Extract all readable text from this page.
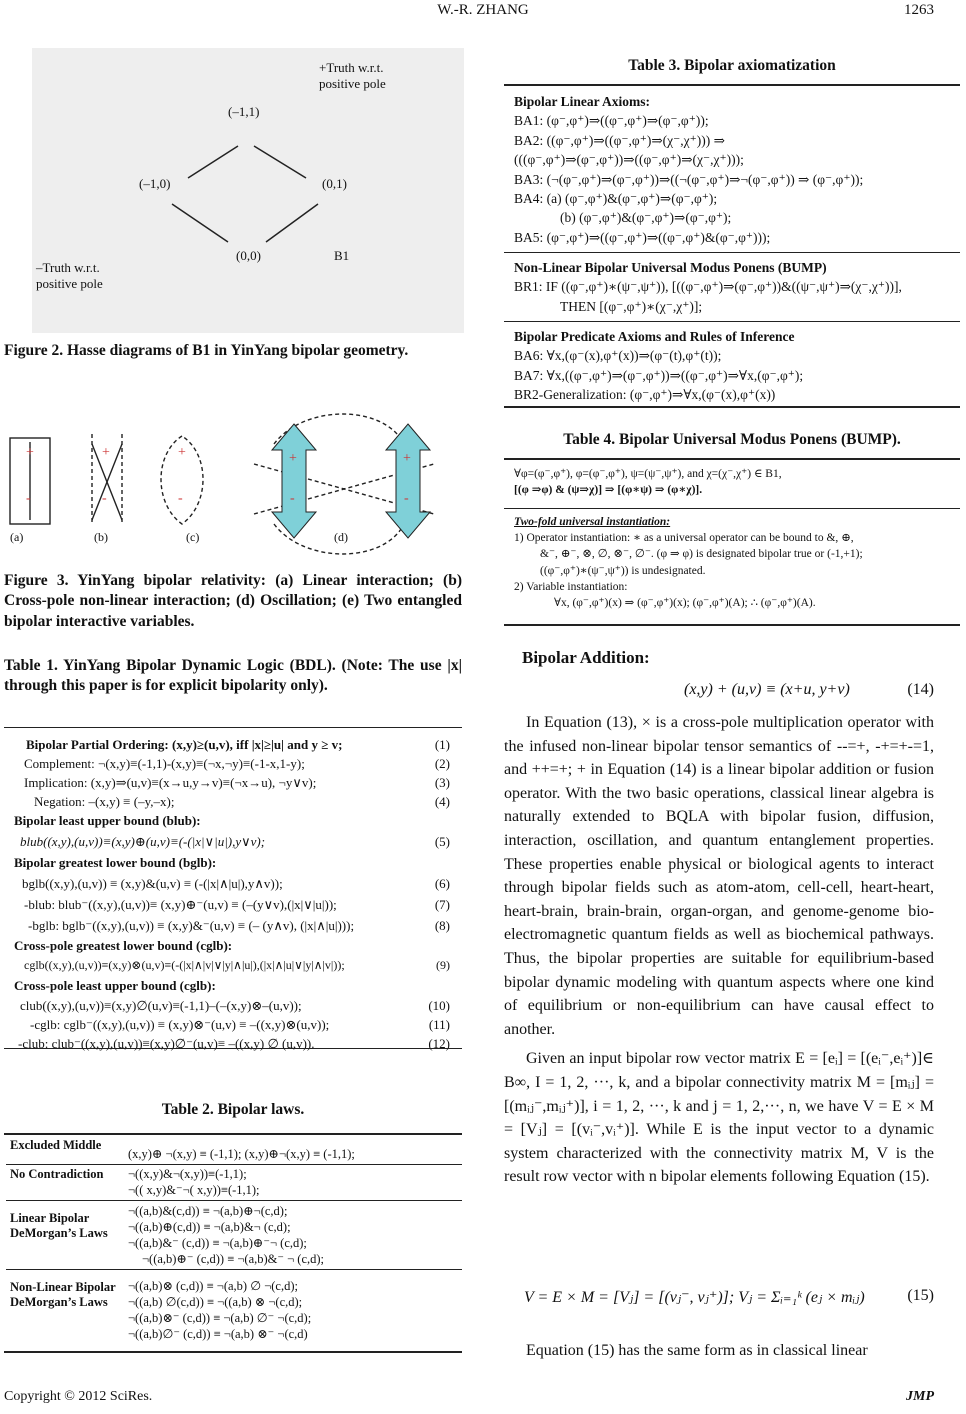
W.-R. ZHANG	1263
+Truth w.r.t.
positive pole
(–1,1)
(–1,0)	(0,1)
(0,0)	B1
–Truth w.r.t.
positive pole
Figure 2. Hasse diagrams of B1 in YinYang bipolar geometry.
+
-
+
-
+
-
+
-
+
-
(a)	(b)	(c)	(d)
Figure 3. YinYang bipolar relativity: (a) Linear interaction; (b) Cross-pole non-linear interaction; (d) Oscillation; (e) Two entangled bipolar interactive variables.
Table 1. YinYang Bipolar Dynamic Logic (BDL). (Note: The use |x| through this paper is for explicit bipolarity only).
Bipolar Partial Ordering: (x,y)≥(u,v), iff |x|≥|u| and y ≥ v;	(1)
Complement: ¬(x,y)≡(-1,1)-(x,y)≡(¬x,¬y)≡(-1-x,1-y);	(2)
Implication: (x,y)⇒(u,v)≡(x→u,y→v)≡(¬x→u), ¬y∨v);	(3)
Negation: –(x,y) ≡ (–y,–x);	(4)
Bipolar least upper bound (blub):
blub((x,y),(u,v))≡(x,y)⊕(u,v)≡(-(|x|∨|u|),y∨v);	(5)
Bipolar greatest lower bound (bglb):
bglb((x,y),(u,v)) ≡ (x,y)&(u,v) ≡ (-(|x|∧|u|),y∧v));	(6)
-blub: blub⁻((x,y),(u,v))≡ (x,y)⊕⁻(u,v) ≡ (–(y∨v),(|x|∨|u|));	(7)
-bglb: bglb⁻((x,y),(u,v)) ≡ (x,y)&⁻(u,v) ≡ (– (y∧v), (|x|∧|u|)));	(8)
Cross-pole greatest lower bound (cglb):
cglb((x,y),(u,v))≡(x,y)⊗(u,v)≡(-(|x|∧|v|∨|y|∧|u|),(|x|∧|u|∨|y|∧|v|));	(9)
Cross-pole least upper bound (cglb):
club((x,y),(u,v))≡(x,y)∅(u,v)≡(-1,1)–(–(x,y)⊗–(u,v));	(10)
-cglb: cglb⁻((x,y),(u,v)) ≡ (x,y)⊗⁻(u,v) ≡ –((x,y)⊗(u,v));	(11)
-club: club⁻((x,y),(u,v))≡(x,y)∅⁻(u,v)≡ –((x,y) ∅ (u,v)).	(12)
Table 2. Bipolar laws.
Excluded Middle	(x,y)⊕ ¬(x,y) ≡ (-1,1); (x,y)⊕¬(x,y) ≡ (-1,1);
No Contradiction	¬((x,y)&¬(x,y))≡(-1,1);
¬(( x,y)&⁻¬( x,y))≡(-1,1);

Linear Bipolar DeMorgan’s Laws	¬((a,b)&(c,d)) ≡ ¬(a,b)⊕¬(c,d);
¬((a,b)⊕(c,d)) ≡ ¬(a,b)&¬ (c,d);
¬((a,b)&⁻ (c,d)) ≡ ¬(a,b)⊕⁻¬ (c,d);
¬((a,b)⊕⁻ (c,d)) ≡ ¬(a,b)&⁻ ¬ (c,d);

Non-Linear Bipolar DeMorgan’s Laws	¬((a,b)⊗ (c,d)) ≡ ¬(a,b) ∅ ¬(c,d);
¬((a,b) ∅(c,d)) ≡ ¬((a,b) ⊗ ¬(c,d);
¬((a,b)⊗⁻ (c,d)) ≡ ¬(a,b) ∅⁻ ¬(c,d);
¬((a,b)∅⁻ (c,d)) ≡ ¬(a,b) ⊗⁻ ¬(c,d)
Table 3. Bipolar axiomatization
Bipolar Linear Axioms:
BA1: (φ⁻,φ⁺)⇒((φ⁻,φ⁺)⇒(φ⁻,φ⁺));
BA2: ((φ⁻,φ⁺)⇒((φ⁻,φ⁺)⇒(χ⁻,χ⁺))) ⇒
(((φ⁻,φ⁺)⇒(φ⁻,φ⁺))⇒((φ⁻,φ⁺)⇒(χ⁻,χ⁺)));
BA3: (¬(φ⁻,φ⁺)⇒(φ⁻,φ⁺))⇒((¬(φ⁻,φ⁺)⇒¬(φ⁻,φ⁺)) ⇒ (φ⁻,φ⁺));
BA4: (a) (φ⁻,φ⁺)&(φ⁻,φ⁺)⇒(φ⁻,φ⁺);
(b) (φ⁻,φ⁺)&(φ⁻,φ⁺)⇒(φ⁻,φ⁺);
BA5: (φ⁻,φ⁺)⇒((φ⁻,φ⁺)⇒((φ⁻,φ⁺)&(φ⁻,φ⁺)));
Non-Linear Bipolar Universal Modus Ponens (BUMP)
BR1: IF ((φ⁻,φ⁺)∗(ψ⁻,ψ⁺)), [((φ⁻,φ⁺)⇒(φ⁻,φ⁺))&((ψ⁻,ψ⁺)⇒(χ⁻,χ⁺))],
THEN [(φ⁻,φ⁺)∗(χ⁻,χ⁺)];
Bipolar Predicate Axioms and Rules of Inference
BA6: ∀x,(φ⁻(x),φ⁺(x))⇒(φ⁻(t),φ⁺(t));
BA7: ∀x,((φ⁻,φ⁺)⇒(φ⁻,φ⁺))⇒((φ⁻,φ⁺)⇒∀x,(φ⁻,φ⁺);
BR2-Generalization: (φ⁻,φ⁺)⇒∀x,(φ⁻(x),φ⁺(x))
Table 4. Bipolar Universal Modus Ponens (BUMP).
∀φ=(φ⁻,φ⁺), φ=(φ⁻,φ⁺), ψ=(ψ⁻,ψ⁺), and χ=(χ⁻,χ⁺) ∈ B1,
[(φ ⇒φ) & (ψ⇒χ)] ⇒ [(φ∗ψ) ⇒ (φ∗χ)].
Two-fold universal instantiation:
1) Operator instantiation: ∗ as a universal operator can be bound to &, ⊕,
&⁻, ⊕⁻, ⊗, ∅, ⊗⁻, ∅⁻. (φ ⇒ φ) is designated bipolar true or (-1,+1);
((φ⁻,φ⁺)∗(ψ⁻,ψ⁺)) is undesignated.
2) Variable instantiation:
∀x, (φ⁻,φ⁺)(x) ⇒ (φ⁻,φ⁺)(x); (φ⁻,φ⁺)(A); ∴ (φ⁻,φ⁺)(A).
Bipolar Addition:
(x,y) + (u,v) ≡ (x+u, y+v)	(14)

In Equation (13), × is a cross-pole multiplication operator with the infused non-linear bipolar tensor semantics of --=+, -+=+-=1, and ++=+; + in Equation (14) is a linear bipolar addition or fusion operator. With the two basic operations, classical linear algebra is naturally extended to BQLA with bipolar fusion, diffusion, interaction, oscillation, and quantum entanglement properties. These properties enable physical or biological agents to interact through bipolar fields such as atom-atom, cell-cell, heart-heart, heart-brain, brain-brain, organ-organ, and genome-genome bio-electromagnetic quantum fields as well as biochemical pathways. Thus, the bipolar properties are suitable for equilibrium-based bipolar dynamic modeling with quantum aspects where one kind of equilibrium or non-equilibrium can have causal effect to another.

Given an input bipolar row vector matrix E = [eᵢ] = [(eᵢ⁻,eᵢ⁺)]∈ B∞, I = 1, 2, ···, k, and a bipolar connectivity matrix M = [mᵢⱼ] = [(mᵢⱼ⁻,mᵢⱼ⁺)], i = 1, 2, ···, k and j = 1, 2,···, n, we have V = E × M = [Vⱼ] = [(vᵢ⁻,vᵢ⁺)]. While E is the input vector to a dynamic system characterized with the connectivity matrix M, V is the result row vector with n bipolar elements following Equation (15).

V = E × M = [Vⱼ] = [(vⱼ⁻, vⱼ⁺)]; Vⱼ = Σᵢ₌₁ᵏ (eⱼ × mᵢⱼ)	(15)

Equation (15) has the same form as in classical linear

Copyright © 2012 SciRes.	JMP
